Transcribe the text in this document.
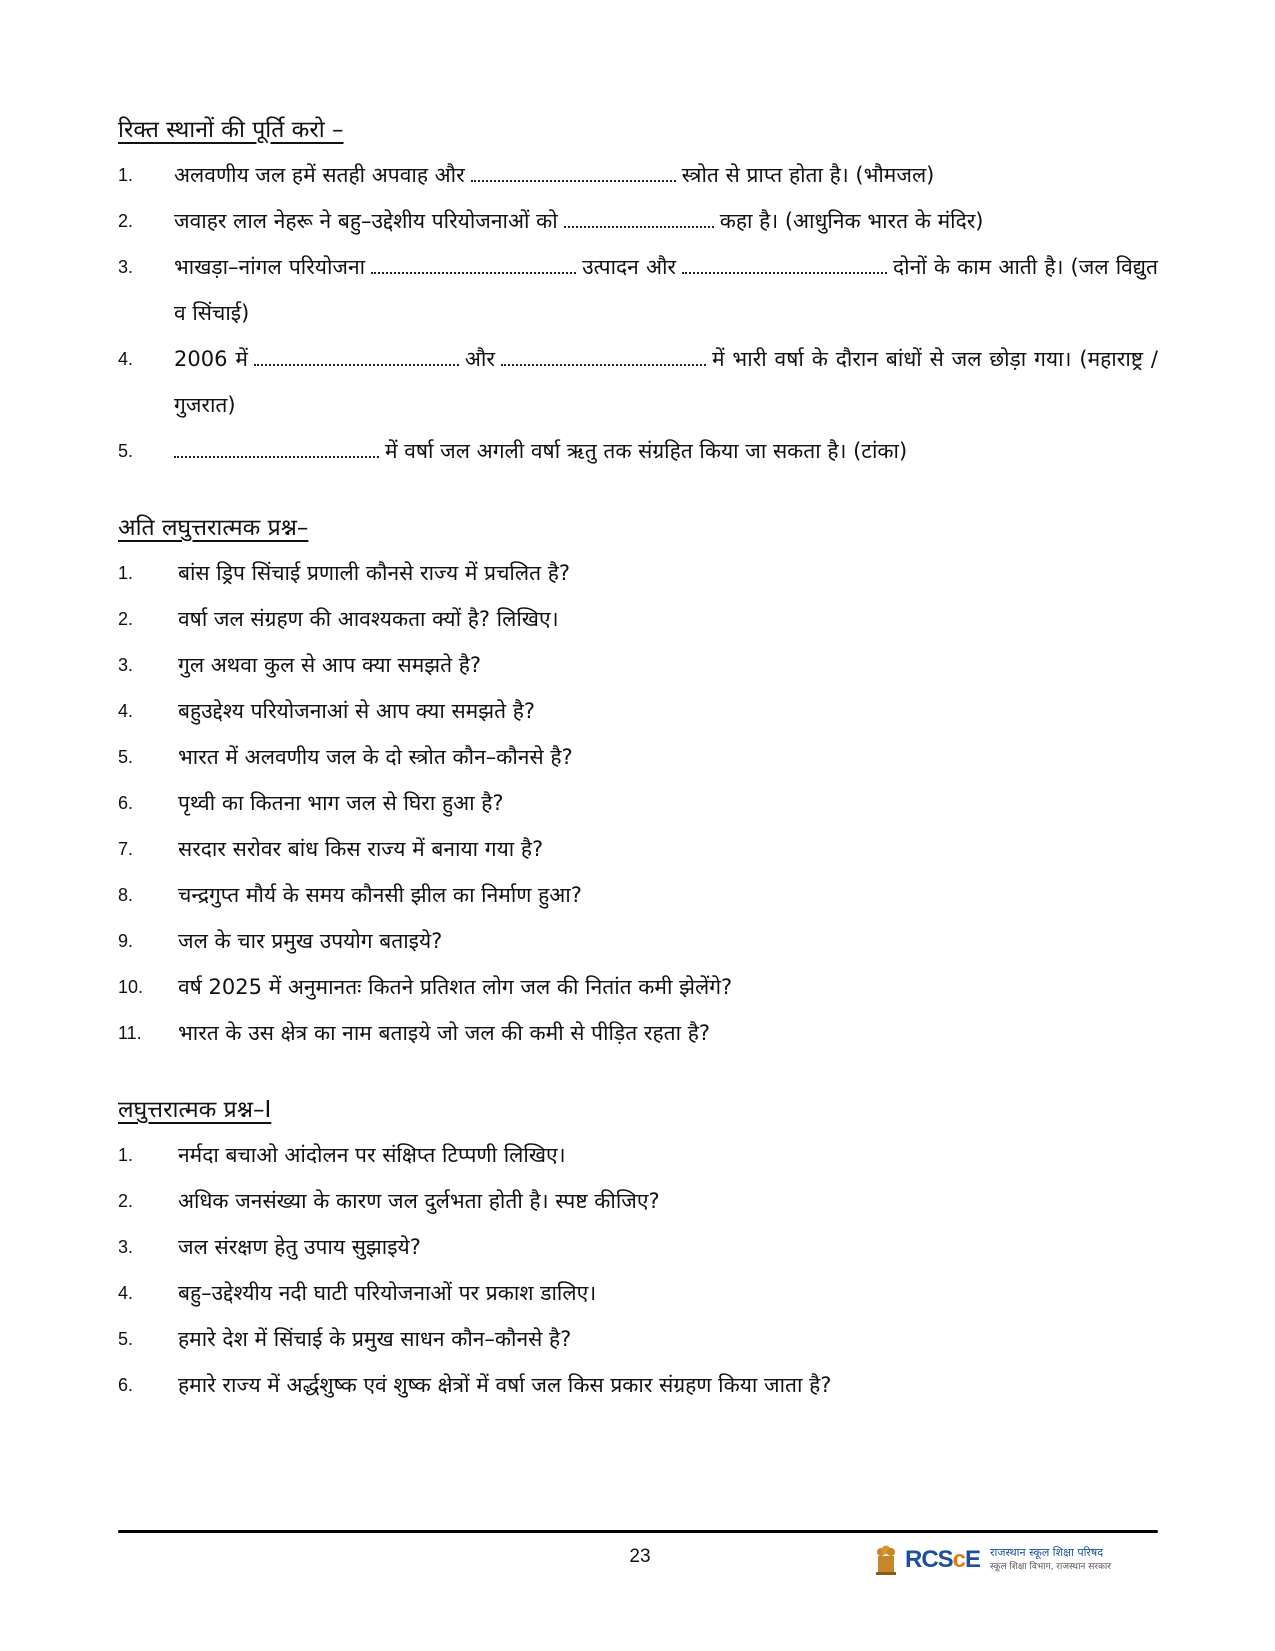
रिक्त स्थानों की पूर्ति करो –
1.	अलवणीय जल हमें सतही अपवाह और	स्त्रोत से प्राप्त होता है। (भौमजल)
2.	जवाहर लाल नेहरू ने बहु–उद्देशीय परियोजनाओं को	कहा है। (आधुनिक भारत के मंदिर)
3.	भाखड़ा–नांगल परियोजना	उत्पादन और	दोनों के काम आती है। (जल विद्युत व सिंचाई)
4.	2006 में	और	में भारी वर्षा के दौरान बांधों से जल छोड़ा गया। (महाराष्ट्र / गुजरात)
5.	में वर्षा जल अगली वर्षा ऋतु तक संग्रहित किया जा सकता है। (टांका)
अति लघुत्तरात्मक प्रश्न–
1.	बांस ड्रिप सिंचाई प्रणाली कौनसे राज्य में प्रचलित है?
2.	वर्षा जल संग्रहण की आवश्यकता क्यों है? लिखिए।
3.	गुल अथवा कुल से आप क्या समझते है?
4.	बहुउद्देश्य परियोजनाआं से आप क्या समझते है?
5.	भारत में अलवणीय जल के दो स्त्रोत कौन–कौनसे है?
6.	पृथ्वी का कितना भाग जल से घिरा हुआ है?
7.	सरदार सरोवर बांध किस राज्य में बनाया गया है?
8.	चन्द्रगुप्त मौर्य के समय कौनसी झील का निर्माण हुआ?
9.	जल के चार प्रमुख उपयोग बताइये?
10.	वर्ष 2025 में अनुमानतः कितने प्रतिशत लोग जल की नितांत कमी झेलेंगे?
11.	भारत के उस क्षेत्र का नाम बताइये जो जल की कमी से पीड़ित रहता है?
लघुत्तरात्मक प्रश्न–I
1.	नर्मदा बचाओ आंदोलन पर संक्षिप्त टिप्पणी लिखिए।
2.	अधिक जनसंख्या के कारण जल दुर्लभता होती है। स्पष्ट कीजिए?
3.	जल संरक्षण हेतु उपाय सुझाइये?
4.	बहु–उद्देश्यीय नदी घाटी परियोजनाओं पर प्रकाश डालिए।
5.	हमारे देश में सिंचाई के प्रमुख साधन कौन–कौनसे है?
6.	हमारे राज्य में अर्द्धशुष्क एवं शुष्क क्षेत्रों में वर्षा जल किस प्रकार संग्रहण किया जाता है?
23	RCScE राजस्थान स्कूल शिक्षा परिषद
स्कूल शिक्षा विभाग, राजस्थान सरकार
